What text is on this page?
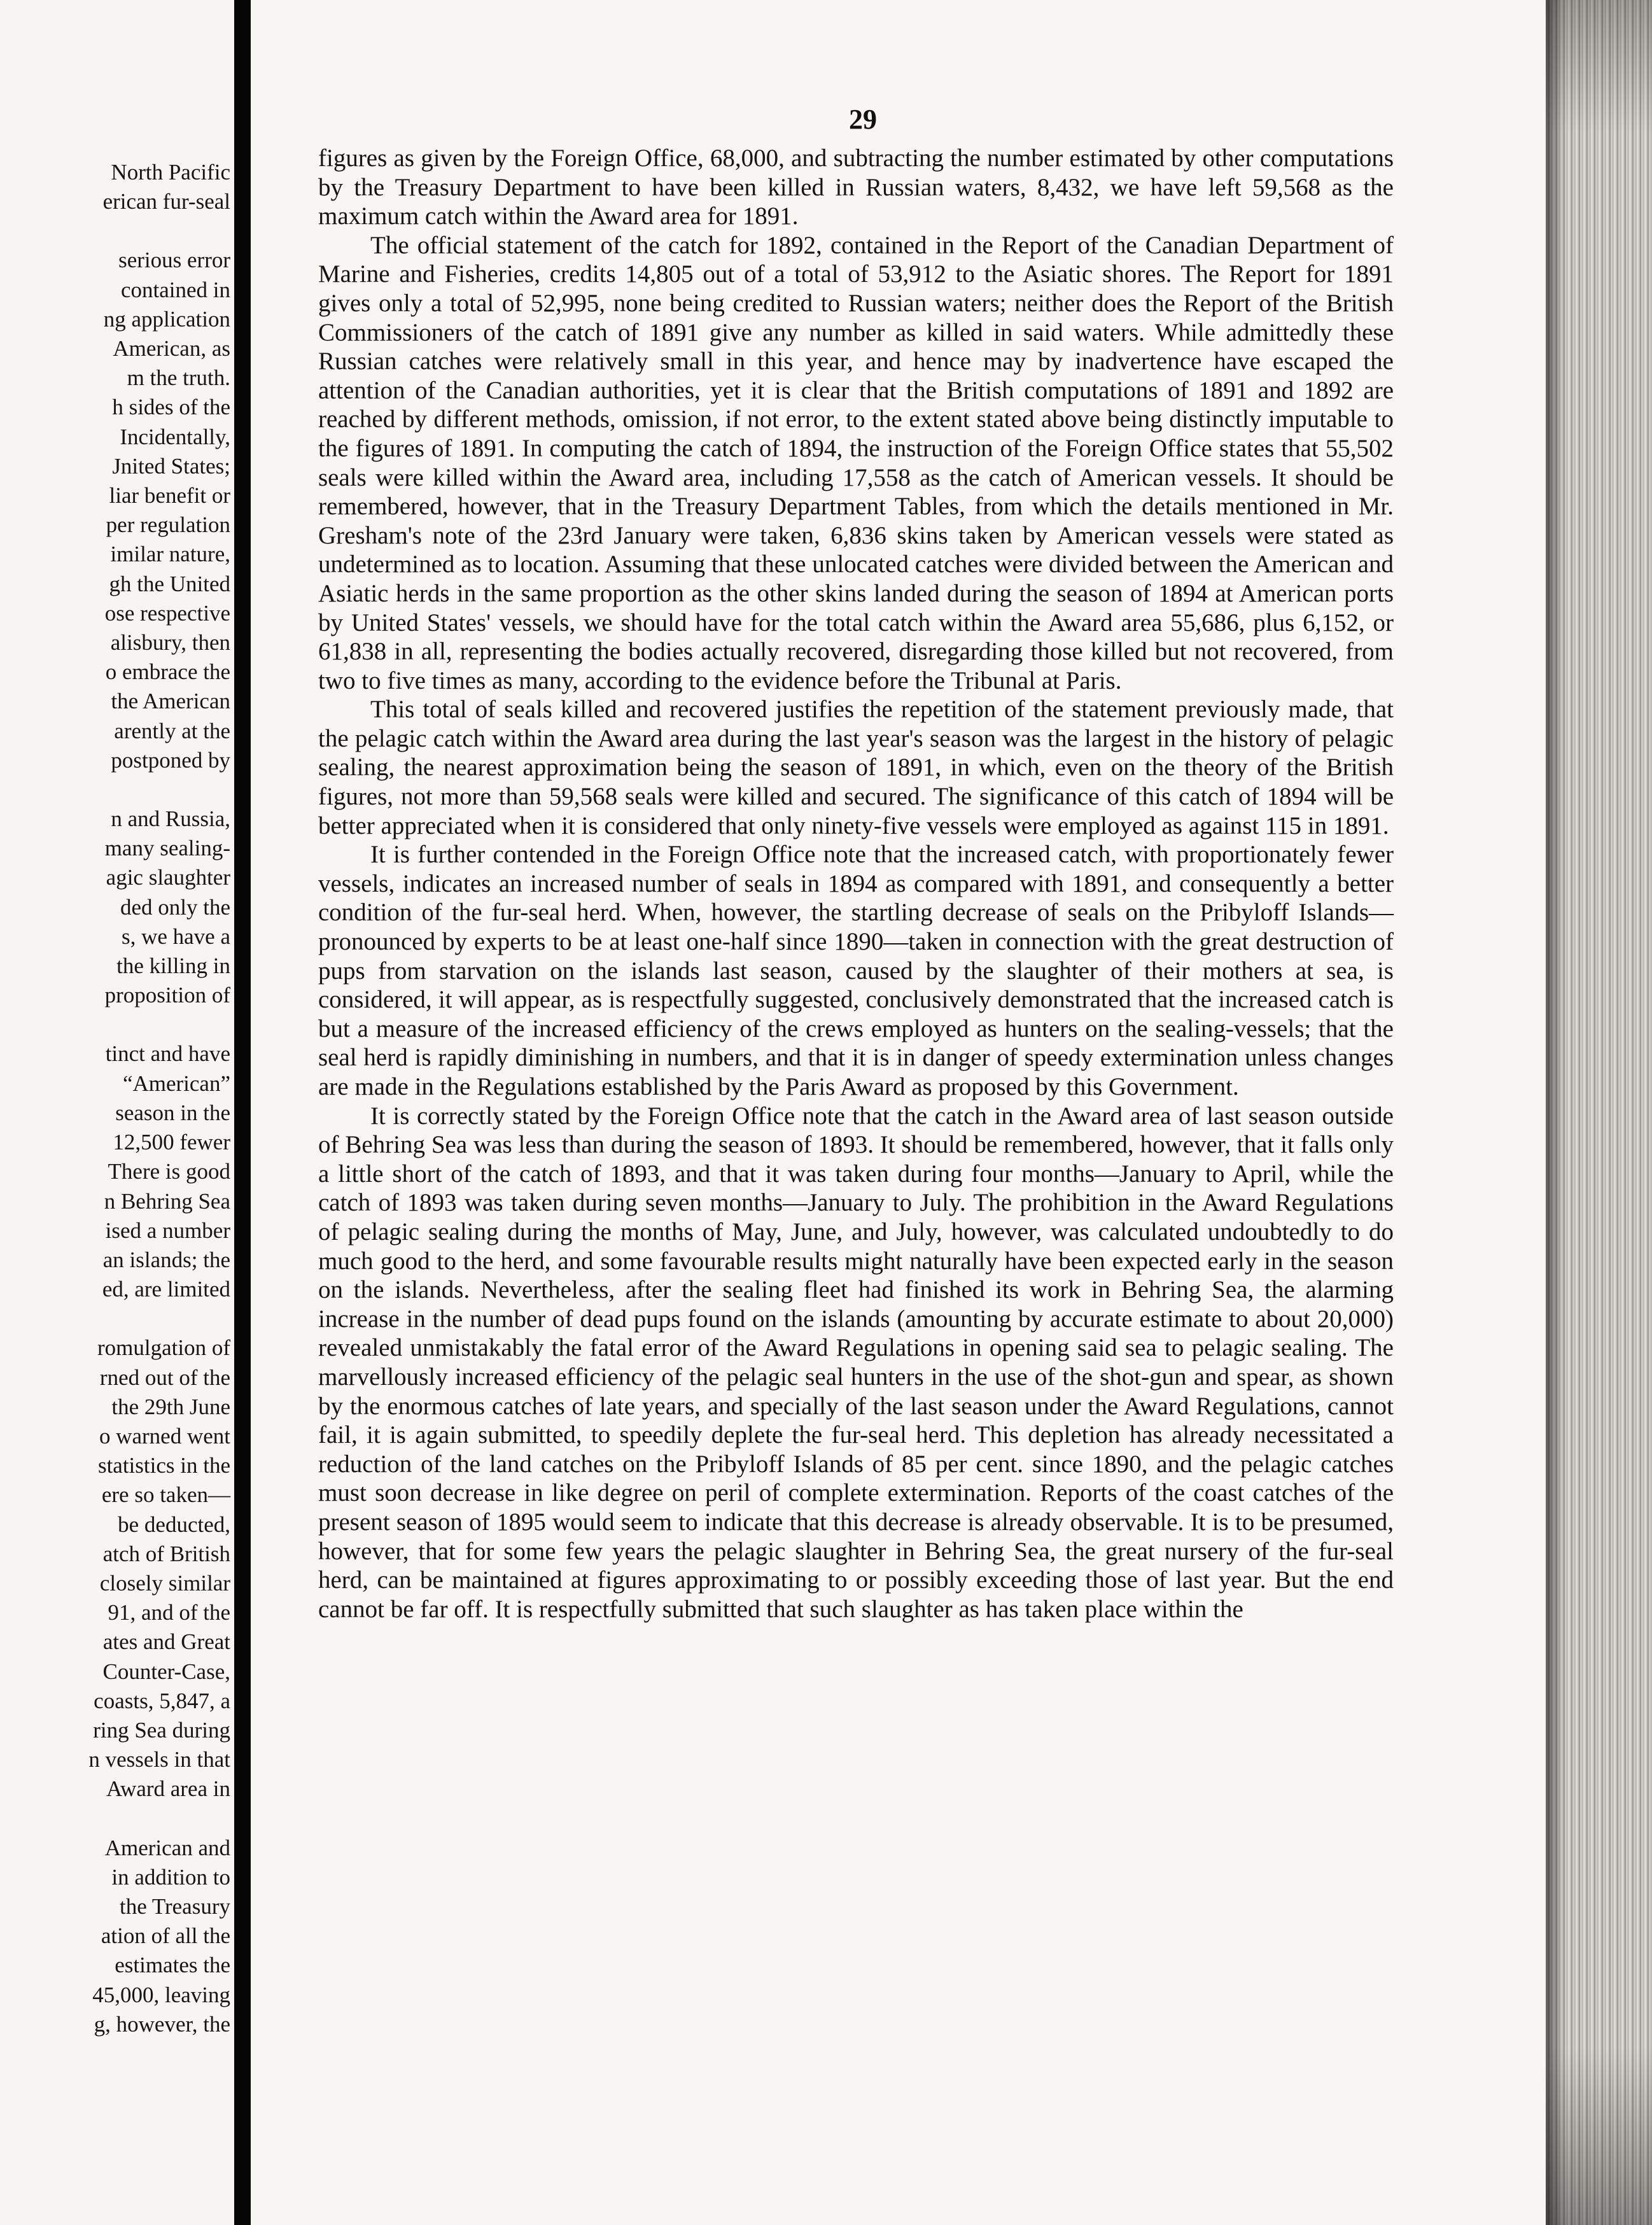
North Pacific
erican fur-seal

serious error
contained in
ng application
American, as
m the truth.
h sides of the
Incidentally,
Jnited States;
liar benefit or
per regulation
imilar nature,
gh the United
ose respective
alisbury, then
o embrace the
the American
arently at the
postponed by

n and Russia,
many sealing-
agic slaughter
ded only the
s, we have a
the killing in
proposition of

tinct and have
“American”
season in the
12,500 fewer
There is good
n Behring Sea
ised a number
an islands; the
ed, are limited

romulgation of
rned out of the
the 29th June
o warned went
statistics in the
ere so taken—
be deducted,
atch of British
closely similar
91, and of the
ates and Great
Counter-Case,
coasts, 5,847, a
ring Sea during
n vessels in that
Award area in

American and
in addition to
the Treasury
ation of all the
estimates the
45,000, leaving
g, however, the
29

figures as given by the Foreign Office, 68,000, and subtracting the number estimated by other computations by the Treasury Department to have been killed in Russian waters, 8,432, we have left 59,568 as the maximum catch within the Award area for 1891.

The official statement of the catch for 1892, contained in the Report of the Canadian Department of Marine and Fisheries, credits 14,805 out of a total of 53,912 to the Asiatic shores. The Report for 1891 gives only a total of 52,995, none being credited to Russian waters; neither does the Report of the British Commissioners of the catch of 1891 give any number as killed in said waters. While admittedly these Russian catches were relatively small in this year, and hence may by inadvertence have escaped the attention of the Canadian authorities, yet it is clear that the British computations of 1891 and 1892 are reached by different methods, omission, if not error, to the extent stated above being distinctly imputable to the figures of 1891. In computing the catch of 1894, the instruction of the Foreign Office states that 55,502 seals were killed within the Award area, including 17,558 as the catch of American vessels. It should be remembered, however, that in the Treasury Department Tables, from which the details mentioned in Mr. Gresham's note of the 23rd January were taken, 6,836 skins taken by American vessels were stated as undetermined as to location. Assuming that these unlocated catches were divided between the American and Asiatic herds in the same proportion as the other skins landed during the season of 1894 at American ports by United States' vessels, we should have for the total catch within the Award area 55,686, plus 6,152, or 61,838 in all, representing the bodies actually recovered, disregarding those killed but not recovered, from two to five times as many, according to the evidence before the Tribunal at Paris.

This total of seals killed and recovered justifies the repetition of the statement previously made, that the pelagic catch within the Award area during the last year's season was the largest in the history of pelagic sealing, the nearest approximation being the season of 1891, in which, even on the theory of the British figures, not more than 59,568 seals were killed and secured. The significance of this catch of 1894 will be better appreciated when it is considered that only ninety-five vessels were employed as against 115 in 1891.

It is further contended in the Foreign Office note that the increased catch, with proportionately fewer vessels, indicates an increased number of seals in 1894 as compared with 1891, and consequently a better condition of the fur-seal herd. When, however, the startling decrease of seals on the Pribyloff Islands—pronounced by experts to be at least one-half since 1890—taken in connection with the great destruction of pups from starvation on the islands last season, caused by the slaughter of their mothers at sea, is considered, it will appear, as is respectfully suggested, conclusively demonstrated that the increased catch is but a measure of the increased efficiency of the crews employed as hunters on the sealing-vessels; that the seal herd is rapidly diminishing in numbers, and that it is in danger of speedy extermination unless changes are made in the Regulations established by the Paris Award as proposed by this Government.

It is correctly stated by the Foreign Office note that the catch in the Award area of last season outside of Behring Sea was less than during the season of 1893. It should be remembered, however, that it falls only a little short of the catch of 1893, and that it was taken during four months—January to April, while the catch of 1893 was taken during seven months—January to July. The prohibition in the Award Regulations of pelagic sealing during the months of May, June, and July, however, was calculated undoubtedly to do much good to the herd, and some favourable results might naturally have been expected early in the season on the islands. Nevertheless, after the sealing fleet had finished its work in Behring Sea, the alarming increase in the number of dead pups found on the islands (amounting by accurate estimate to about 20,000) revealed unmistakably the fatal error of the Award Regulations in opening said sea to pelagic sealing. The marvellously increased efficiency of the pelagic seal hunters in the use of the shot-gun and spear, as shown by the enormous catches of late years, and specially of the last season under the Award Regulations, cannot fail, it is again submitted, to speedily deplete the fur-seal herd. This depletion has already necessitated a reduction of the land catches on the Pribyloff Islands of 85 per cent. since 1890, and the pelagic catches must soon decrease in like degree on peril of complete extermination. Reports of the coast catches of the present season of 1895 would seem to indicate that this decrease is already observable. It is to be presumed, however, that for some few years the pelagic slaughter in Behring Sea, the great nursery of the fur-seal herd, can be maintained at figures approximating to or possibly exceeding those of last year. But the end cannot be far off. It is respectfully submitted that such slaughter as has taken place within the
